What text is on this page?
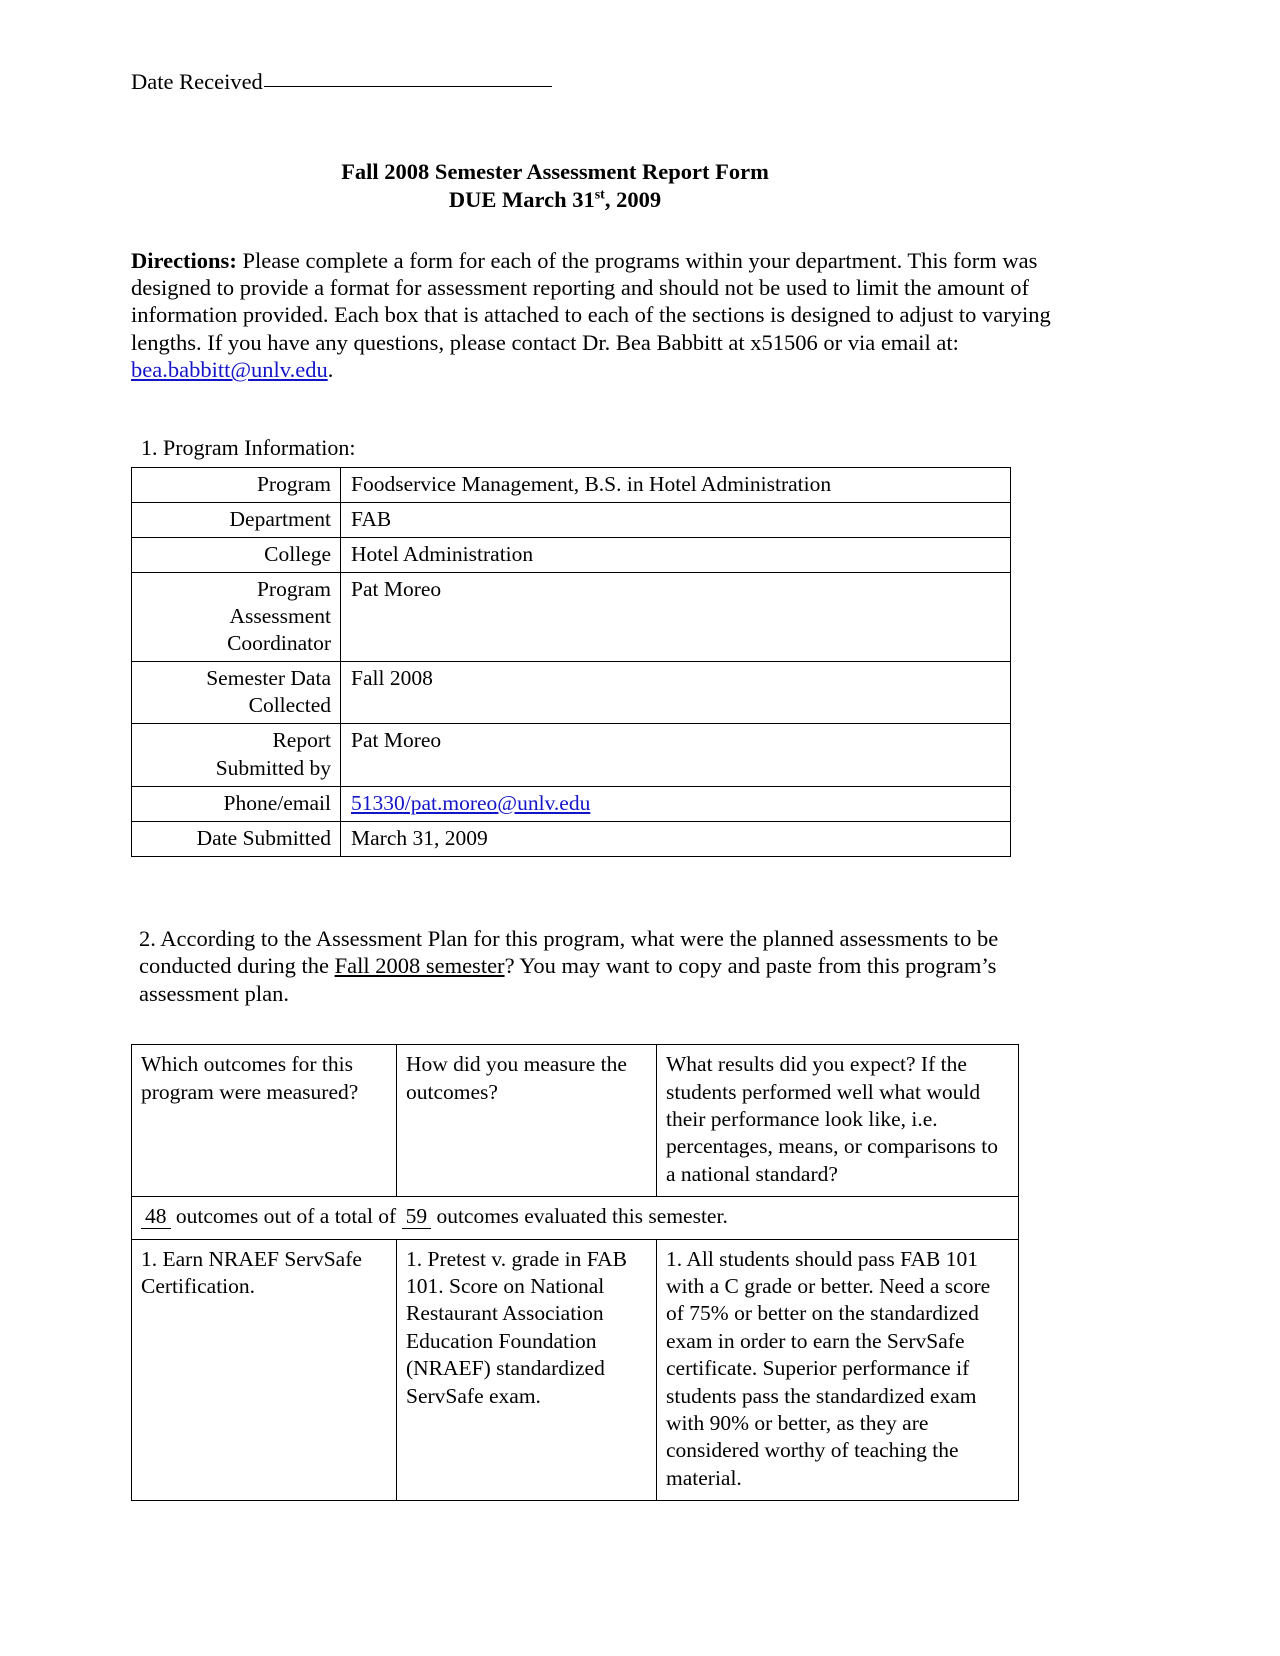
Date Received
Fall 2008 Semester Assessment Report Form
DUE March 31st, 2009

Directions: Please complete a form for each of the programs within your department. This form was designed to provide a format for assessment reporting and should not be used to limit the amount of information provided. Each box that is attached to each of the sections is designed to adjust to varying lengths. If you have any questions, please contact Dr. Bea Babbitt at x51506 or via email at: bea.babbitt@unlv.edu.

1. Program Information:
Program	Foodservice Management, B.S. in Hotel Administration
Department	FAB
College	Hotel Administration

Program
Assessment
Coordinator	Pat Moreo

Semester Data
Collected	Fall 2008

Report
Submitted by	Pat Moreo
Phone/email	51330/pat.moreo@unlv.edu
Date Submitted	March 31, 2009

2. According to the Assessment Plan for this program, what were the planned assessments to be conducted during the Fall 2008 semester? You may want to copy and paste from this program’s assessment plan.

Which outcomes for this program were measured?	How did you measure the outcomes?	What results did you expect? If the students performed well what would their performance look like, i.e. percentages, means, or comparisons to a national standard?
48 outcomes out of a total of 59 outcomes evaluated this semester.		
1. Earn NRAEF ServSafe Certification.	1. Pretest v. grade in FAB 101. Score on National Restaurant Association Education Foundation (NRAEF) standardized ServSafe exam.	1. All students should pass FAB 101 with a C grade or better. Need a score of 75% or better on the standardized exam in order to earn the ServSafe certificate. Superior performance if students pass the standardized exam with 90% or better, as they are considered worthy of teaching the material.
